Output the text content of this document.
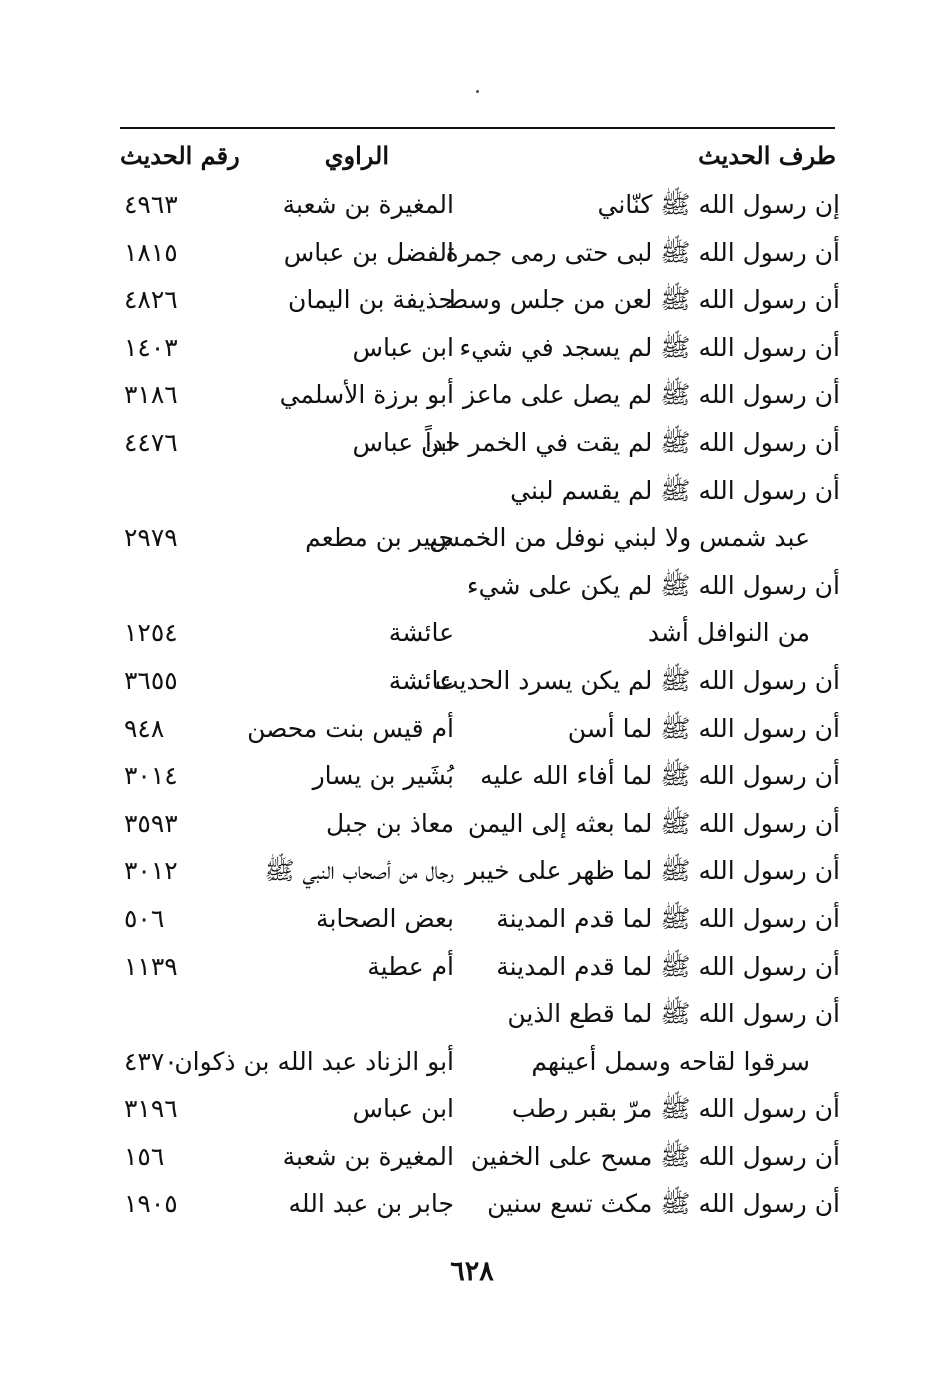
طرف الحديث
الراوي
رقم الحديث
إن رسول الله ﷺ كنّاني
المغيرة بن شعبة
٤٩٦٣
أن رسول الله ﷺ لبى حتى رمى جمرة
الفضل بن عباس
١٨١٥
أن رسول الله ﷺ لعن من جلس وسط
حذيفة بن اليمان
٤٨٢٦
أن رسول الله ﷺ لم يسجد في شيء
ابن عباس
١٤٠٣
أن رسول الله ﷺ لم يصل على ماعز
أبو برزة الأسلمي
٣١٨٦
أن رسول الله ﷺ لم يقت في الخمر حداً
ابن عباس
٤٤٧٦
أن رسول الله ﷺ لم يقسم لبني
عبد شمس ولا لبني نوفل من الخمس
جبير بن مطعم
٢٩٧٩
أن رسول الله ﷺ لم يكن على شيء
من النوافل أشد
عائشة
١٢٥٤
أن رسول الله ﷺ لم يكن يسرد الحديث
عائشة
٣٦٥٥
أن رسول الله ﷺ لما أسن
أم قيس بنت محصن
٩٤٨
أن رسول الله ﷺ لما أفاء الله عليه
بُشَير بن يسار
٣٠١٤
أن رسول الله ﷺ لما بعثه إلى اليمن
معاذ بن جبل
٣٥٩٣
أن رسول الله ﷺ لما ظهر على خيبر
رجال من أصحاب النبي ﷺ
٣٠١٢
أن رسول الله ﷺ لما قدم المدينة
بعض الصحابة
٥٠٦
أن رسول الله ﷺ لما قدم المدينة
أم عطية
١١٣٩
أن رسول الله ﷺ لما قطع الذين
سرقوا لقاحه وسمل أعينهم
أبو الزناد عبد الله بن ذكوان
٤٣٧٠
أن رسول الله ﷺ مرّ بقبر رطب
ابن عباس
٣١٩٦
أن رسول الله ﷺ مسح على الخفين
المغيرة بن شعبة
١٥٦
أن رسول الله ﷺ مكث تسع سنين
جابر بن عبد الله
١٩٠٥
٦٢٨
